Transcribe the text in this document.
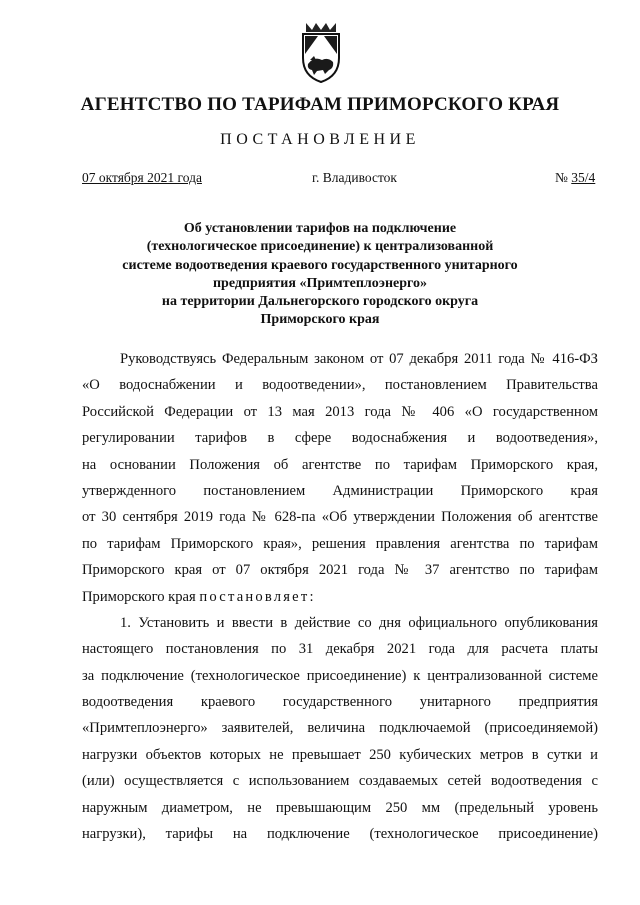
АГЕНТСТВО ПО ТАРИФАМ ПРИМОРСКОГО КРАЯ
ПОСТАНОВЛЕНИЕ
07 октября 2021 года	г. Владивосток	№ 35/4
Об установлении тарифов на подключение
(технологическое присоединение) к централизованной
системе водоотведения краевого государственного унитарного
предприятия «Примтеплоэнерго»
на территории Дальнегорского городского округа
Приморского края
Руководствуясь Федеральным законом от 07 декабря 2011 года № 416-ФЗ
«О водоснабжении и водоотведении», постановлением Правительства
Российской Федерации от 13 мая 2013 года № 406 «О государственном
регулировании тарифов в сфере водоснабжения и водоотведения»,
на основании Положения об агентстве по тарифам Приморского края,
утвержденного постановлением Администрации Приморского края
от 30 сентября 2019 года № 628-па «Об утверждении Положения об агентстве
по тарифам Приморского края», решения правления агентства по тарифам
Приморского края от 07 октября 2021 года № 37 агентство по тарифам
Приморского края постановляет:
1. Установить и ввести в действие со дня официального опубликования
настоящего постановления по 31 декабря 2021 года для расчета платы
за подключение (технологическое присоединение) к централизованной системе
водоотведения краевого государственного унитарного предприятия
«Примтеплоэнерго» заявителей, величина подключаемой (присоединяемой)
нагрузки объектов которых не превышает 250 кубических метров в сутки и
(или) осуществляется с использованием создаваемых сетей водоотведения с
наружным диаметром, не превышающим 250 мм (предельный уровень
нагрузки), тарифы на подключение (технологическое присоединение)
